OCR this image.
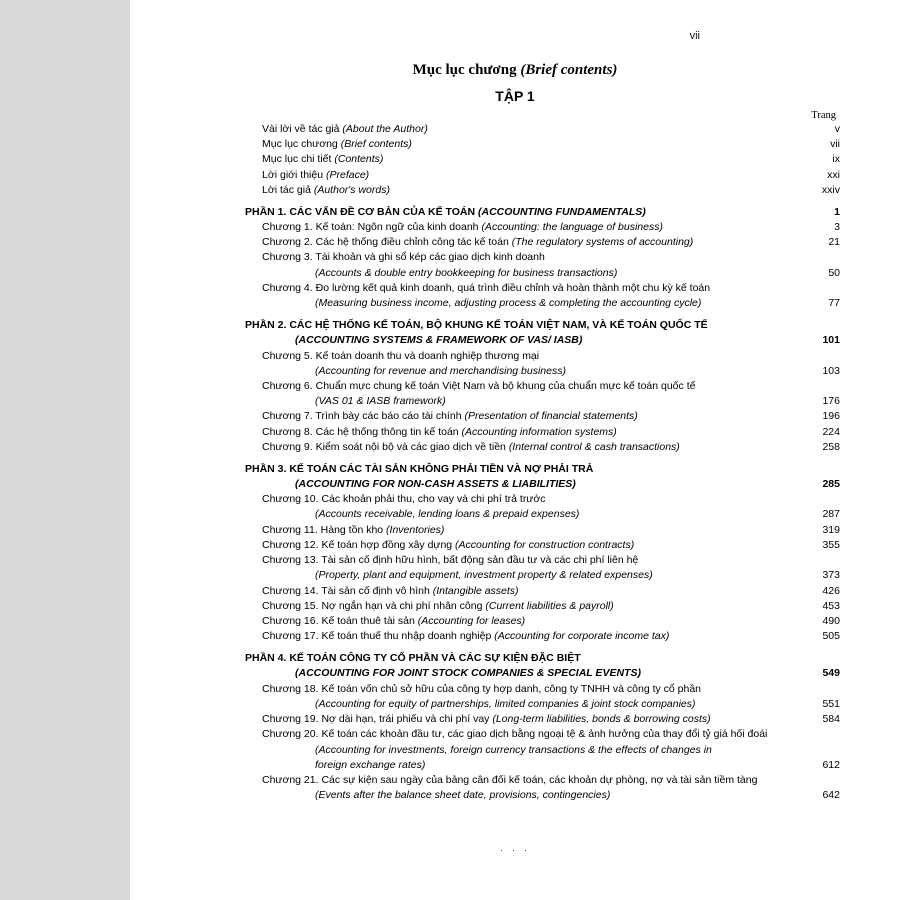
vii
Mục lục chương (Brief contents)
TẬP 1
Trang
Vài lời về tác giả (About the Author)	v
Mục lục chương (Brief contents)	vii
Mục lục chi tiết (Contents)	ix
Lời giới thiệu (Preface)	xxi
Lời tác giả (Author's words)	xxiv

PHẦN 1. CÁC VẤN ĐỀ CƠ BẢN CỦA KẾ TOÁN (ACCOUNTING FUNDAMENTALS)	1
Chương 1. Kế toán: Ngôn ngữ của kinh doanh (Accounting: the language of business)	3
Chương 2. Các hệ thống điều chỉnh công tác kế toán (The regulatory systems of accounting)	21
Chương 3. Tài khoản và ghi sổ kép các giao dịch kinh doanh	
(Accounts & double entry bookkeeping for business transactions)	50
Chương 4. Đo lường kết quả kinh doanh, quá trình điều chỉnh và hoàn thành một chu kỳ kế toán	
(Measuring business income, adjusting process & completing the accounting cycle)	77

PHẦN 2. CÁC HỆ THỐNG KẾ TOÁN, BỘ KHUNG KẾ TOÁN VIỆT NAM, VÀ KẾ TOÁN QUỐC TẾ	
(ACCOUNTING SYSTEMS & FRAMEWORK OF VAS/ IASB)	101
Chương 5. Kế toán doanh thu và doanh nghiệp thương mại	
(Accounting for revenue and merchandising business)	103
Chương 6. Chuẩn mực chung kế toán Việt Nam và bộ khung của chuẩn mực kế toán quốc tế	
(VAS 01 & IASB framework)	176
Chương 7. Trình bày các báo cáo tài chính (Presentation of financial statements)	196
Chương 8. Các hệ thống thông tin kế toán (Accounting information systems)	224
Chương 9. Kiểm soát nội bộ và các giao dịch về tiền (Internal control & cash transactions)	258

PHẦN 3. KẾ TOÁN CÁC TÀI SẢN KHÔNG PHẢI TIỀN VÀ NỢ PHẢI TRẢ	
(ACCOUNTING FOR NON-CASH ASSETS & LIABILITIES)	285
Chương 10. Các khoản phải thu, cho vay và chi phí trả trước	
(Accounts receivable, lending loans & prepaid expenses)	287
Chương 11. Hàng tồn kho (Inventories)	319
Chương 12. Kế toán hợp đồng xây dựng (Accounting for construction contracts)	355
Chương 13. Tài sản cố định hữu hình, bất động sản đầu tư và các chi phí liên hệ	
(Property, plant and equipment, investment property & related expenses)	373
Chương 14. Tài sản cố định vô hình (Intangible assets)	426
Chương 15. Nợ ngắn hạn và chi phí nhân công (Current liabilities & payroll)	453
Chương 16. Kế toán thuê tài sản (Accounting for leases)	490
Chương 17. Kế toán thuế thu nhập doanh nghiệp (Accounting for corporate income tax)	505

PHẦN 4. KẾ TOÁN CÔNG TY CỔ PHẦN VÀ CÁC SỰ KIỆN ĐẶC BIỆT	
(ACCOUNTING FOR JOINT STOCK COMPANIES & SPECIAL EVENTS)	549
Chương 18. Kế toán vốn chủ sở hữu của công ty hợp danh, công ty TNHH và công ty cổ phần	
(Accounting for equity of partnerships, limited companies & joint stock companies)	551
Chương 19. Nợ dài hạn, trái phiếu và chi phí vay (Long-term liabilities, bonds & borrowing costs)	584
Chương 20. Kế toán các khoản đầu tư, các giao dịch bằng ngoại tệ & ảnh hưởng của thay đổi tỷ giá hối đoái	
(Accounting for investments, foreign currency transactions & the effects of changes in	
foreign exchange rates)	612
Chương 21. Các sự kiện sau ngày của bảng cân đối kế toán, các khoản dự phòng, nợ và tài sản tiềm tàng	
(Events after the balance sheet date, provisions, contingencies)	642
· · ·
